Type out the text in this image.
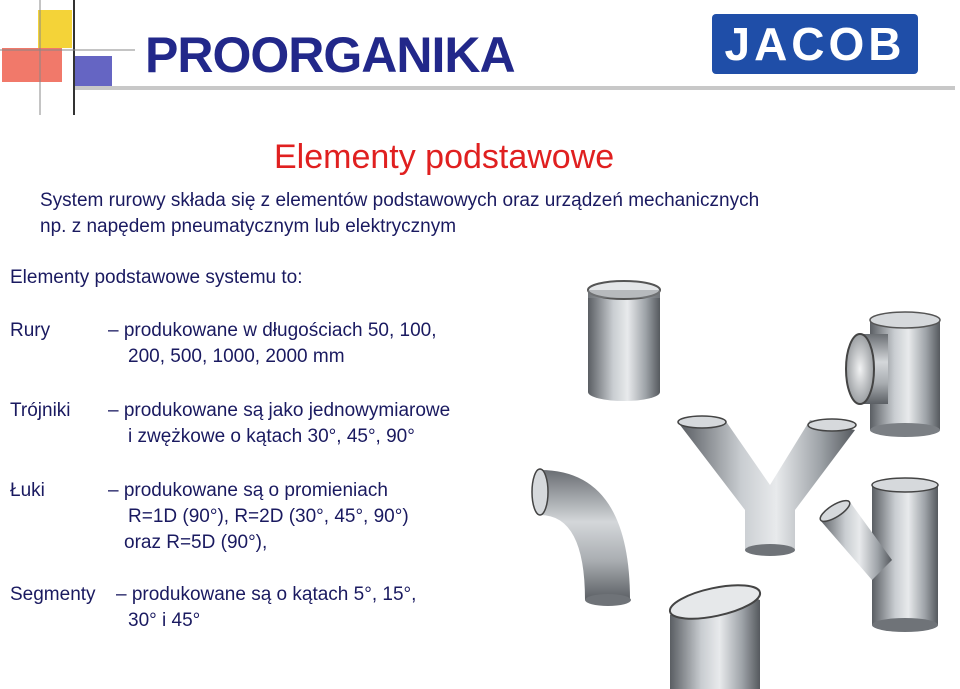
PROORGANIKA	JACOB
Elementy podstawowe
System rurowy składa się z elementów podstawowych oraz urządzeń mechanicznych
np. z napędem pneumatycznym lub elektrycznym
Elementy podstawowe systemu to:
Rury	– produkowane w długościach 50, 100,
200, 500, 1000, 2000 mm
Trójniki – produkowane są jako jednowymiarowe
i zwężkowe o kątach 30°, 45°, 90°
Łuki	– produkowane są o promieniach
R=1D (90°), R=2D (30°, 45°, 90°)
oraz R=5D (90°),
Segmenty – produkowane są o kątach 5°, 15°,
30° i 45°
